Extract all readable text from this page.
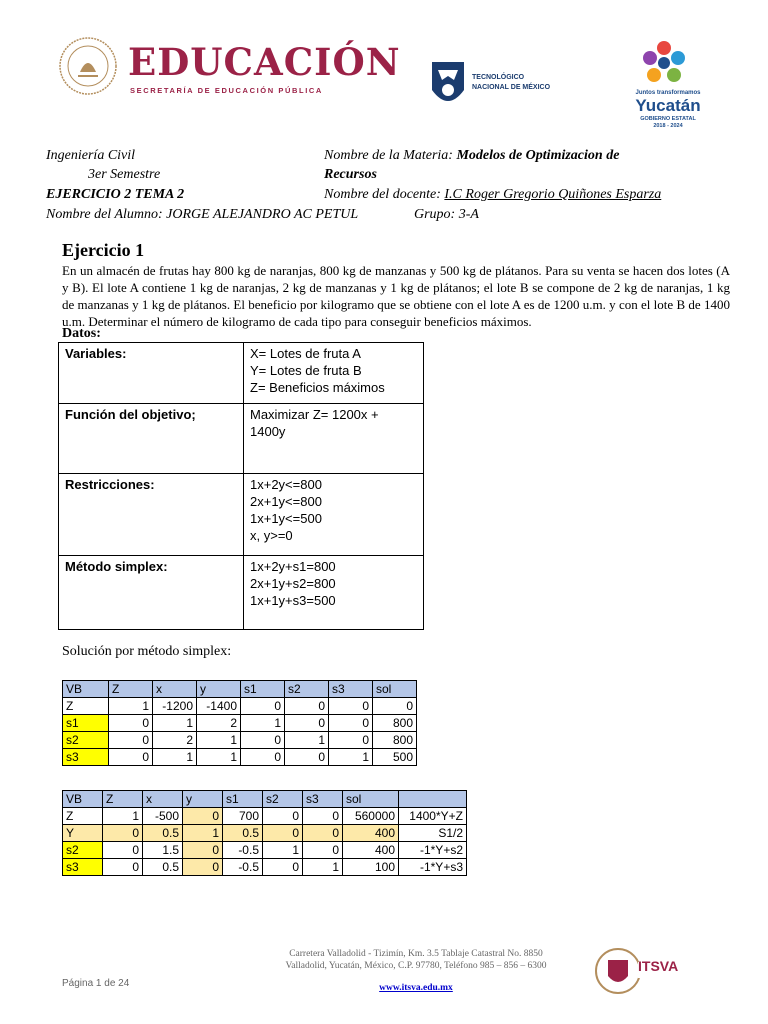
EDUCACIÓN
SECRETARÍA DE EDUCACIÓN PÚBLICA
TECNOLÓGICO
NACIONAL DE MÉXICO
Juntos transformamos
Yucatán
GOBIERNO ESTATAL
2018 - 2024
Ingeniería Civil
3er Semestre
EJERCICIO 2 TEMA 2
Nombre del Alumno: JORGE ALEJANDRO AC PETUL	Grupo: 3-A
Nombre de la Materia: Modelos de Optimizacion de
Recursos
Nombre del docente: I.C Roger Gregorio Quiñones Esparza
Ejercicio 1
En un almacén de frutas hay 800 kg de naranjas, 800 kg de manzanas y 500 kg de plátanos. Para su venta se hacen dos lotes (A y B). El lote A contiene 1 kg de naranjas, 2 kg de manzanas y 1 kg de plátanos; el lote B se compone de 2 kg de naranjas, 1 kg de manzanas y 1 kg de plátanos. El beneficio por kilogramo que se obtiene con el lote A es de 1200 u.m. y con el lote B de 1400 u.m. Determinar el número de kilogramo de cada tipo para conseguir beneficios máximos.
Datos:
Variables:	X= Lotes de fruta A
Y= Lotes de fruta B
Z= Beneficios máximos

Función del objetivo;	Maximizar Z= 1200x +
1400y

Restricciones:	1x+2y<=800
2x+1y<=800
1x+1y<=500
x, y>=0

Método simplex:	1x+2y+s1=800
2x+1y+s2=800
1x+1y+s3=500
Solución por método simplex:
VB	Z	x	y	s1	s2	s3	sol
Z	1	-1200	-1400	0	0	0	0
s1	0	1	2	1	0	0	800
s2	0	2	1	0	1	0	800
s3	0	1	1	0	0	1	500
VB	Z	x	y	s1	s2	s3	sol	
Z	1	-500	0	700	0	0	560000	1400*Y+Z
Y	0	0.5	1	0.5	0	0	400	S1/2
s2	0	1.5	0	-0.5	1	0	400	-1*Y+s2
s3	0	0.5	0	-0.5	0	1	100	-1*Y+s3
Carretera Valladolid - Tizimín, Km. 3.5 Tablaje Catastral No. 8850
Valladolid, Yucatán, México, C.P. 97780, Teléfono 985 – 856 – 6300
www.itsva.edu.mx
Página 1 de 24
ITSVA
